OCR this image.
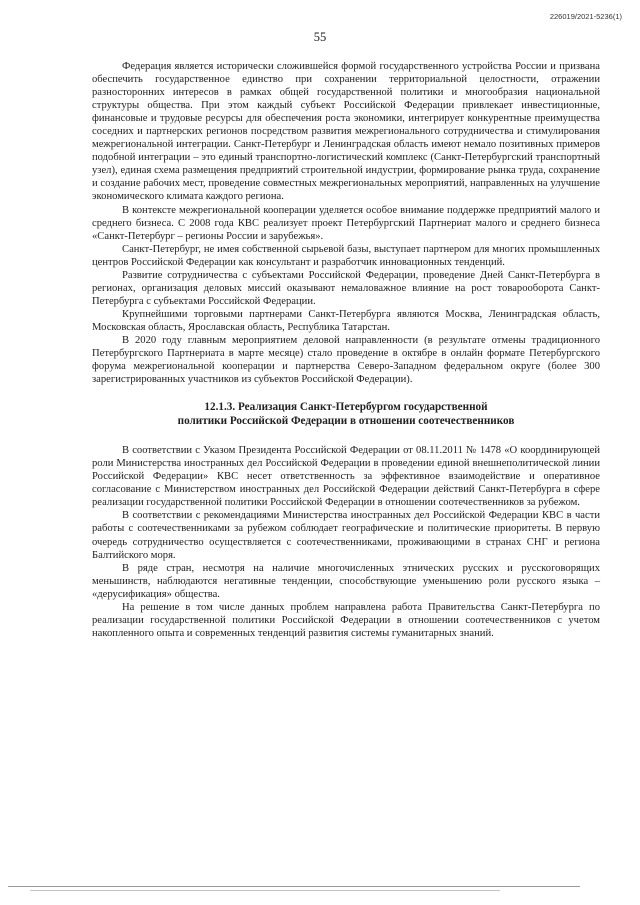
226019/2021-5236(1)
55

Федерация является исторически сложившейся формой государственного устройства России и призвана обеспечить государственное единство при сохранении территориальной целостности, отражении разносторонних интересов в рамках общей государственной политики и многообразия национальной структуры общества. При этом каждый субъект Российской Федерации привлекает инвестиционные, финансовые и трудовые ресурсы для обеспечения роста экономики, интегрирует конкурентные преимущества соседних и партнерских регионов посредством развития межрегионального сотрудничества и стимулирования межрегиональной интеграции. Санкт-Петербург и Ленинградская область имеют немало позитивных примеров подобной интеграции – это единый транспортно-логистический комплекс (Санкт-Петербургский транспортный узел), единая схема размещения предприятий строительной индустрии, формирование рынка труда, сохранение и создание рабочих мест, проведение совместных межрегиональных мероприятий, направленных на улучшение экономического климата каждого региона.

В контексте межрегиональной кооперации уделяется особое внимание поддержке предприятий малого и среднего бизнеса. С 2008 года КВС реализует проект Петербургский Партнериат малого и среднего бизнеса «Санкт-Петербург – регионы России и зарубежья».

Санкт-Петербург, не имея собственной сырьевой базы, выступает партнером для многих промышленных центров Российской Федерации как консультант и разработчик инновационных тенденций.

Развитие сотрудничества с субъектами Российской Федерации, проведение Дней Санкт-Петербурга в регионах, организация деловых миссий оказывают немаловажное влияние на рост товарооборота Санкт-Петербурга с субъектами Российской Федерации.

Крупнейшими торговыми партнерами Санкт-Петербурга являются Москва, Ленинградская область, Московская область, Ярославская область, Республика Татарстан.

В 2020 году главным мероприятием деловой направленности (в результате отмены традиционного Петербургского Партнериата в марте месяце) стало проведение в октябре в онлайн формате Петербургского форума межрегиональной кооперации и партнерства Северо-Западном федеральном округе (более 300 зарегистрированных участников из субъектов Российской Федерации).

12.1.3. Реализация Санкт-Петербургом государственной
политики Российской Федерации в отношении соотечественников

В соответствии с Указом Президента Российской Федерации от 08.11.2011 № 1478 «О координирующей роли Министерства иностранных дел Российской Федерации в проведении единой внешнеполитической линии Российской Федерации» КВС несет ответственность за эффективное взаимодействие и оперативное согласование с Министерством иностранных дел Российской Федерации действий Санкт-Петербурга в сфере реализации государственной политики Российской Федерации в отношении соотечественников за рубежом.

В соответствии с рекомендациями Министерства иностранных дел Российской Федерации КВС в части работы с соотечественниками за рубежом соблюдает географические и политические приоритеты. В первую очередь сотрудничество осуществляется с соотечественниками, проживающими в странах СНГ и региона Балтийского моря.

В ряде стран, несмотря на наличие многочисленных этнических русских и русскоговорящих меньшинств, наблюдаются негативные тенденции, способствующие уменьшению роли русского языка – «дерусификация» общества.

На решение в том числе данных проблем направлена работа Правительства Санкт-Петербурга по реализации государственной политики Российской Федерации в отношении соотечественников с учетом накопленного опыта и современных тенденций развития системы гуманитарных знаний.
